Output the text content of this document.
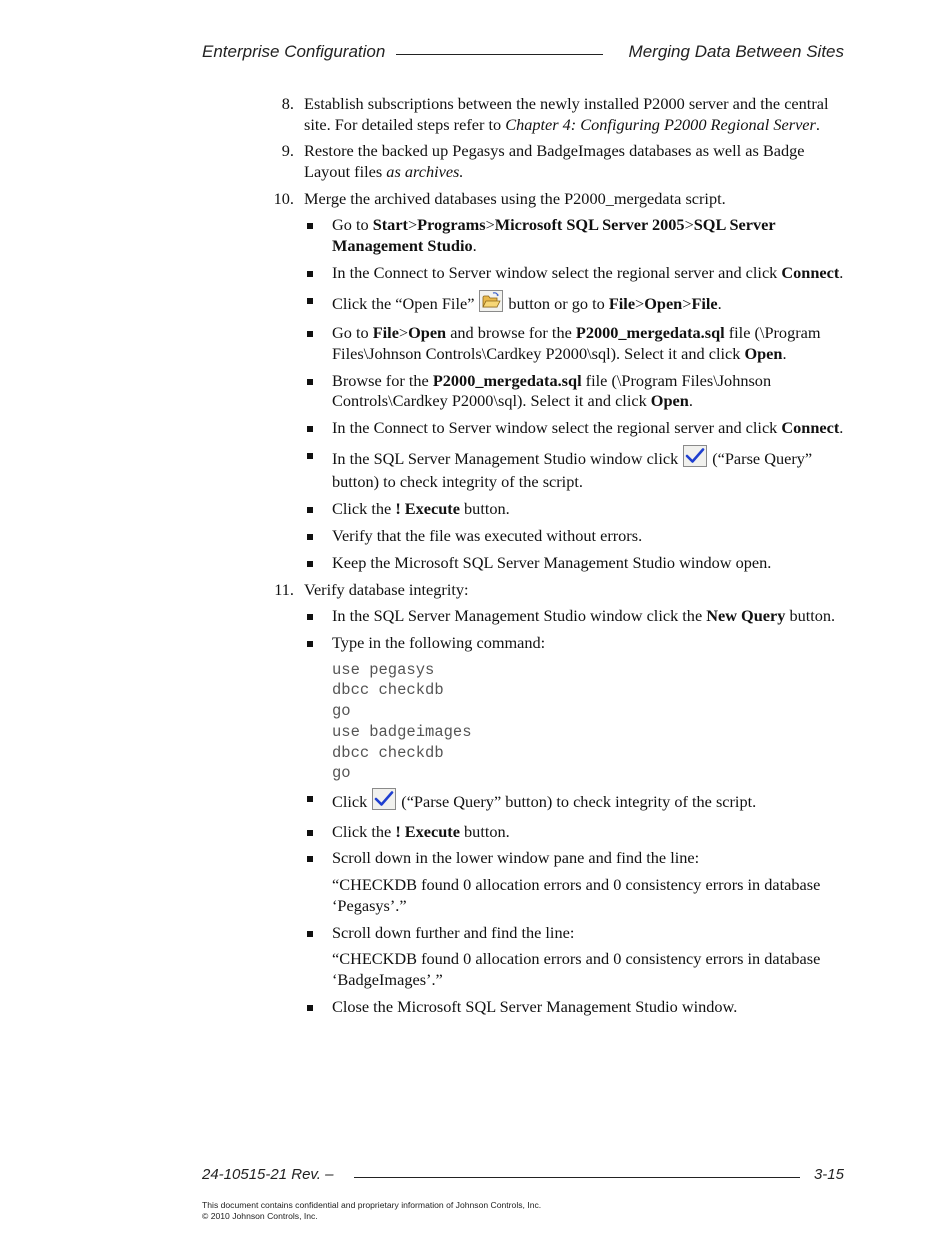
Enterprise Configuration	Merging Data Between Sites
8. Establish subscriptions between the newly installed P2000 server and the central site. For detailed steps refer to Chapter 4: Configuring P2000 Regional Server.
9. Restore the backed up Pegasys and BadgeImages databases as well as Badge Layout files as archives.
10. Merge the archived databases using the P2000_mergedata script.
Go to Start>Programs>Microsoft SQL Server 2005>SQL Server Management Studio.
In the Connect to Server window select the regional server and click Connect.
Click the “Open File” button or go to File>Open>File.
Go to File>Open and browse for the P2000_mergedata.sql file (\Program Files\Johnson Controls\Cardkey P2000\sql). Select it and click Open.
Browse for the P2000_mergedata.sql file (\Program Files\Johnson Controls\Cardkey P2000\sql). Select it and click Open.
In the Connect to Server window select the regional server and click Connect.
In the SQL Server Management Studio window click (“Parse Query” button) to check integrity of the script.
Click the ! Execute button.
Verify that the file was executed without errors.
Keep the Microsoft SQL Server Management Studio window open.
11. Verify database integrity:
In the SQL Server Management Studio window click the New Query button.
Type in the following command:
use pegasys
dbcc checkdb
go
use badgeimages
dbcc checkdb
go
Click (“Parse Query” button) to check integrity of the script.
Click the ! Execute button.
Scroll down in the lower window pane and find the line:
“CHECKDB found 0 allocation errors and 0 consistency errors in database ‘Pegasys’.”
Scroll down further and find the line:
“CHECKDB found 0 allocation errors and 0 consistency errors in database ‘BadgeImages’.”
Close the Microsoft SQL Server Management Studio window.
24-10515-21 Rev. –	3-15
This document contains confidential and proprietary information of Johnson Controls, Inc.
© 2010 Johnson Controls, Inc.
